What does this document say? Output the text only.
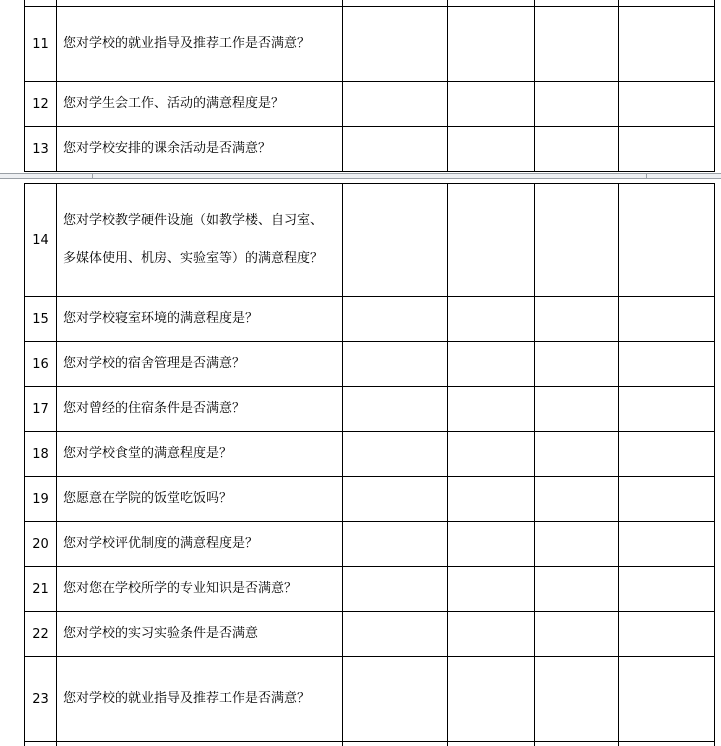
11	您对学校的就业指导及推荐工作是否满意？				

12	您对学生会工作、活动的满意程度是？				

13	您对学校安排的课余活动是否满意？				

14	您对学校教学硬件设施（如教学楼、自习室、多媒体使用、机房、实验室等）的满意程度？				

15	您对学校寝室环境的满意程度是？				

16	您对学校的宿舍管理是否满意？				

17	您对曾经的住宿条件是否满意？				

18	您对学校食堂的满意程度是？				

19	您愿意在学院的饭堂吃饭吗？				

20	您对学校评优制度的满意程度是？				

21	您对您在学校所学的专业知识是否满意？				

22	您对学校的实习实验条件是否满意				

23	您对学校的就业指导及推荐工作是否满意？				
